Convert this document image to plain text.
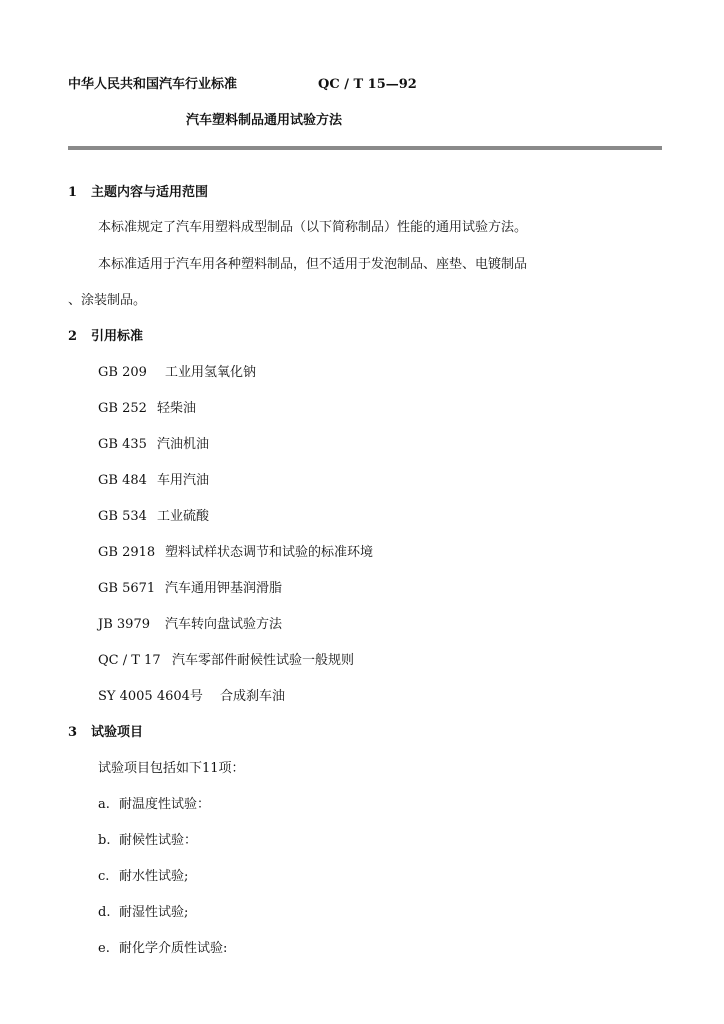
中华人民共和国汽车行业标准	QC / T 15—92
汽车塑料制品通用试验方法
1 主题内容与适用范围
本标准规定了汽车用塑料成型制品（以下简称制品）性能的通用试验方法。
本标准适用于汽车用各种塑料制品，但不适用于发泡制品、座垫、电镀制品
、涂装制品。
2 引用标准
GB 209 工业用氢氧化钠
GB 252 轻柴油
GB 435 汽油机油
GB 484 车用汽油
GB 534 工业硫酸
GB 2918 塑料试样状态调节和试验的标准环境
GB 5671 汽车通用钾基润滑脂
JB 3979 汽车转向盘试验方法
QC / T 17 汽车零部件耐候性试验一般规则
SY 4005 4604号 合成刹车油
3 试验项目
试验项目包括如下11项：
a. 耐温度性试验：
b. 耐候性试验：
c. 耐水性试验;
d. 耐湿性试验;
e. 耐化学介质性试验:
